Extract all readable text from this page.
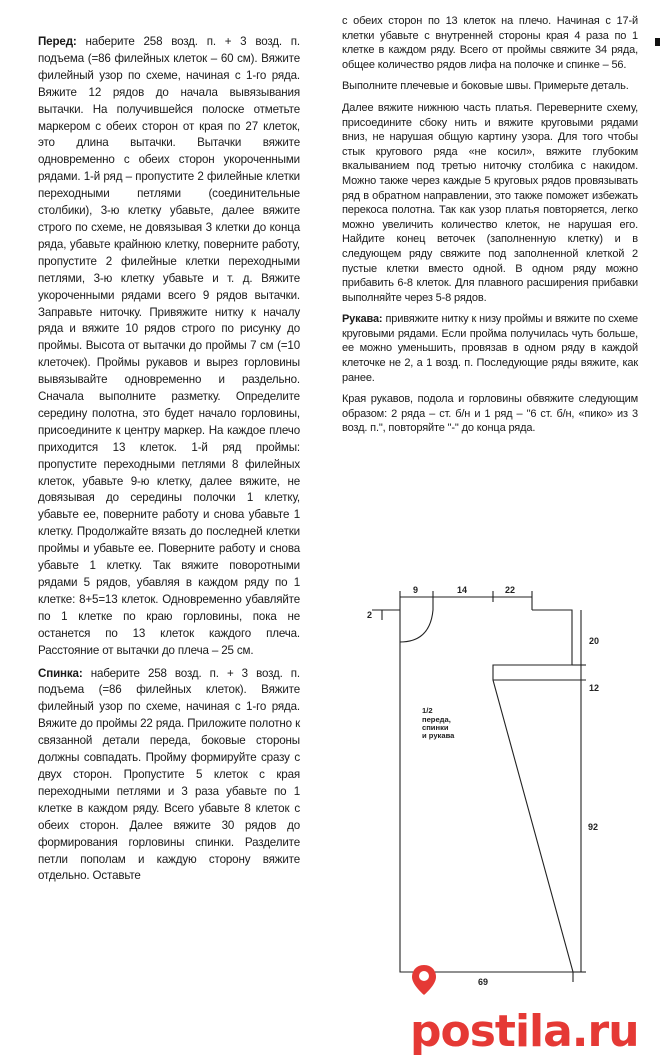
Перед: наберите 258 возд. п. + 3 возд. п. подъема (=86 филейных клеток – 60 см). Вяжите филейный узор по схеме, начиная с 1-го ряда. Вяжите 12 рядов до начала вывязывания вытачки. На получившейся полоске отметьте маркером с обеих сторон от края по 27 клеток, это длина вытачки. Вытачки вяжите одновременно с обеих сторон укороченными рядами. 1-й ряд – пропустите 2 филейные клетки переходными петлями (соединительные столбики), 3-ю клетку убавьте, далее вяжите строго по схеме, не довязывая 3 клетки до конца ряда, убавьте крайнюю клетку, поверните работу, пропустите 2 филейные клетки переходными петлями, 3-ю клетку убавьте и т. д. Вяжите укороченными рядами всего 9 рядов вытачки. Заправьте ниточку. Привяжите нитку к началу ряда и вяжите 10 рядов строго по рисунку до проймы. Высота от вытачки до проймы 7 см (=10 клеточек). Проймы рукавов и вырез горловины вывязывайте одновременно и раздельно. Сначала выполните разметку. Определите середину полотна, это будет начало горловины, присоедините к центру маркер. На каждое плечо приходится 13 клеток. 1-й ряд проймы: пропустите переходными петлями 8 филейных клеток, убавьте 9-ю клетку, далее вяжите, не довязывая до середины полочки 1 клетку, убавьте ее, поверните работу и снова убавьте 1 клетку. Продолжайте вязать до последней клетки проймы и убавьте ее. Поверните работу и снова убавьте 1 клетку. Так вяжите поворотными рядами 5 рядов, убавляя в каждом ряду по 1 клетке: 8+5=13 клеток. Одновременно убавляйте по 1 клетке по краю горловины, пока не останется по 13 клеток каждого плеча. Расстояние от вытачки до плеча – 25 см.

Спинка: наберите 258 возд. п. + 3 возд. п. подъема (=86 филейных клеток). Вяжите филейный узор по схеме, начиная с 1-го ряда. Вяжите до проймы 22 ряда. Приложите полотно к связанной детали переда, боковые стороны должны совпадать. Пройму формируйте сразу с двух сторон. Пропустите 5 клеток с края переходными петлями и 3 раза убавьте по 1 клетке в каждом ряду. Всего убавьте 8 клеток с обеих сторон. Далее вяжите 30 рядов до формирования горловины спинки. Разделите петли пополам и каждую сторону вяжите отдельно. Оставьте

с обеих сторон по 13 клеток на плечо. Начиная с 17-й клетки убавьте с внутренней стороны края 4 раза по 1 клетке в каждом ряду. Всего от проймы свяжите 34 ряда, общее количество рядов лифа на полочке и спинке – 56.

Выполните плечевые и боковые швы. Примерьте деталь.

Далее вяжите нижнюю часть платья. Переверните схему, присоедините сбоку нить и вяжите круговыми рядами вниз, не нарушая общую картину узора. Для того чтобы стык кругового ряда «не косил», вяжите глубоким вкалыванием под третью ниточку столбика с накидом. Можно также через каждые 5 круговых рядов провязывать ряд в обратном направлении, это также поможет избежать перекоса полотна. Так как узор платья повторяется, легко можно увеличить количество клеток, не нарушая его. Найдите конец веточек (заполненную клетку) и в следующем ряду свяжите под заполненной клеткой 2 пустые клетки вместо одной. В одном ряду можно прибавить 6-8 клеток. Для плавного расширения прибавки выполняйте через 5-8 рядов.

Рукава: привяжите нитку к низу проймы и вяжите по схеме круговыми рядами. Если пройма получилась чуть больше, ее можно уменьшить, провязав в одном ряду в каждой клеточке не 2, а 1 возд. п. Последующие ряды вяжите, как ранее.

Края рукавов, подола и горловины обвяжите следующим образом: 2 ряда – ст. б/н и 1 ряд – "6 ст. б/н, «пико» из 3 возд. п.", повторяйте "-" до конца ряда.

2
9	14	22
20
12
92
69
1/2
переда,
спинки
и рукава
postila.ru
